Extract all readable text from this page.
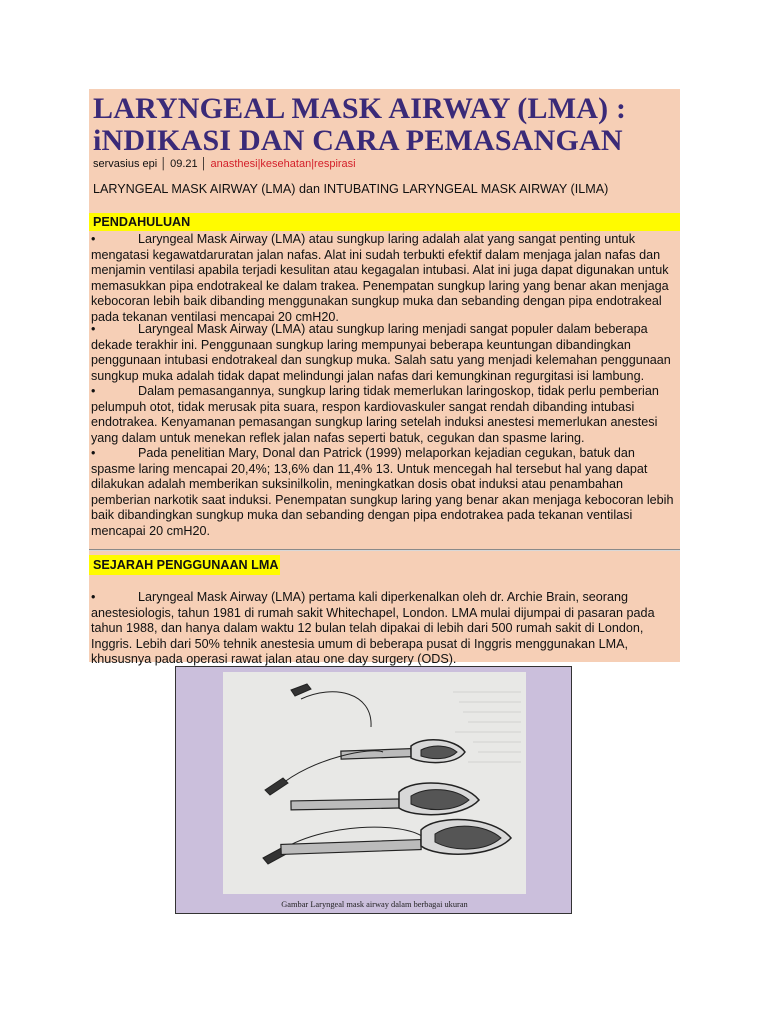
LARYNGEAL MASK AIRWAY (LMA) : iNDIKASI DAN CARA PEMASANGAN
servasius epi │ 09.21 │ anasthesi|kesehatan|respirasi
LARYNGEAL MASK AIRWAY (LMA) dan INTUBATING LARYNGEAL MASK AIRWAY (ILMA)
PENDAHULUAN
•	Laryngeal Mask Airway (LMA) atau sungkup laring adalah alat yang sangat penting untuk mengatasi kegawatdaruratan jalan nafas. Alat ini sudah terbukti efektif dalam menjaga jalan nafas dan menjamin ventilasi apabila terjadi kesulitan atau kegagalan intubasi. Alat ini juga dapat digunakan untuk memasukkan pipa endotrakeal ke dalam trakea. Penempatan sungkup laring yang benar akan menjaga kebocoran lebih baik dibanding menggunakan sungkup muka dan sebanding dengan pipa endotrakeal pada tekanan ventilasi mencapai 20 cmH20.

•	Laryngeal Mask Airway (LMA) atau sungkup laring menjadi sangat populer dalam beberapa dekade terakhir ini. Penggunaan sungkup laring mempunyai beberapa keuntungan dibandingkan penggunaan intubasi endotrakeal dan sungkup muka. Salah satu yang menjadi kelemahan penggunaan sungkup muka adalah tidak dapat melindungi jalan nafas dari kemungkinan regurgitasi isi lambung.

•	Dalam pemasangannya, sungkup laring tidak memerlukan laringoskop, tidak perlu pemberian pelumpuh otot, tidak merusak pita suara, respon kardiovaskuler sangat rendah dibanding intubasi endotrakea. Kenyamanan pemasangan sungkup laring setelah induksi anestesi memerlukan anestesi yang dalam untuk menekan reflek jalan nafas seperti batuk, cegukan dan spasme laring.

•	Pada penelitian Mary, Donal dan Patrick (1999) melaporkan kejadian cegukan, batuk dan spasme laring mencapai 20,4%; 13,6% dan 11,4% 13. Untuk mencegah hal tersebut hal yang dapat dilakukan adalah memberikan suksinilkolin, meningkatkan dosis obat induksi atau penambahan pemberian narkotik saat induksi. Penempatan sungkup laring yang benar akan menjaga kebocoran lebih baik dibandingkan sungkup muka dan sebanding dengan pipa endotrakea pada tekanan ventilasi mencapai 20 cmH20.

SEJARAH PENGGUNAAN LMA
•	Laryngeal Mask Airway (LMA) pertama kali diperkenalkan oleh dr. Archie Brain, seorang anestesiologis, tahun 1981 di rumah sakit Whitechapel, London. LMA mulai dijumpai di pasaran pada tahun 1988, dan hanya dalam waktu 12 bulan telah dipakai di lebih dari 500 rumah sakit di London, Inggris. Lebih dari 50% tehnik anestesia umum di beberapa pusat di Inggris menggunakan LMA, khususnya pada operasi rawat jalan atau one day surgery (ODS).

Gambar Laryngeal mask airway dalam berbagai ukuran
